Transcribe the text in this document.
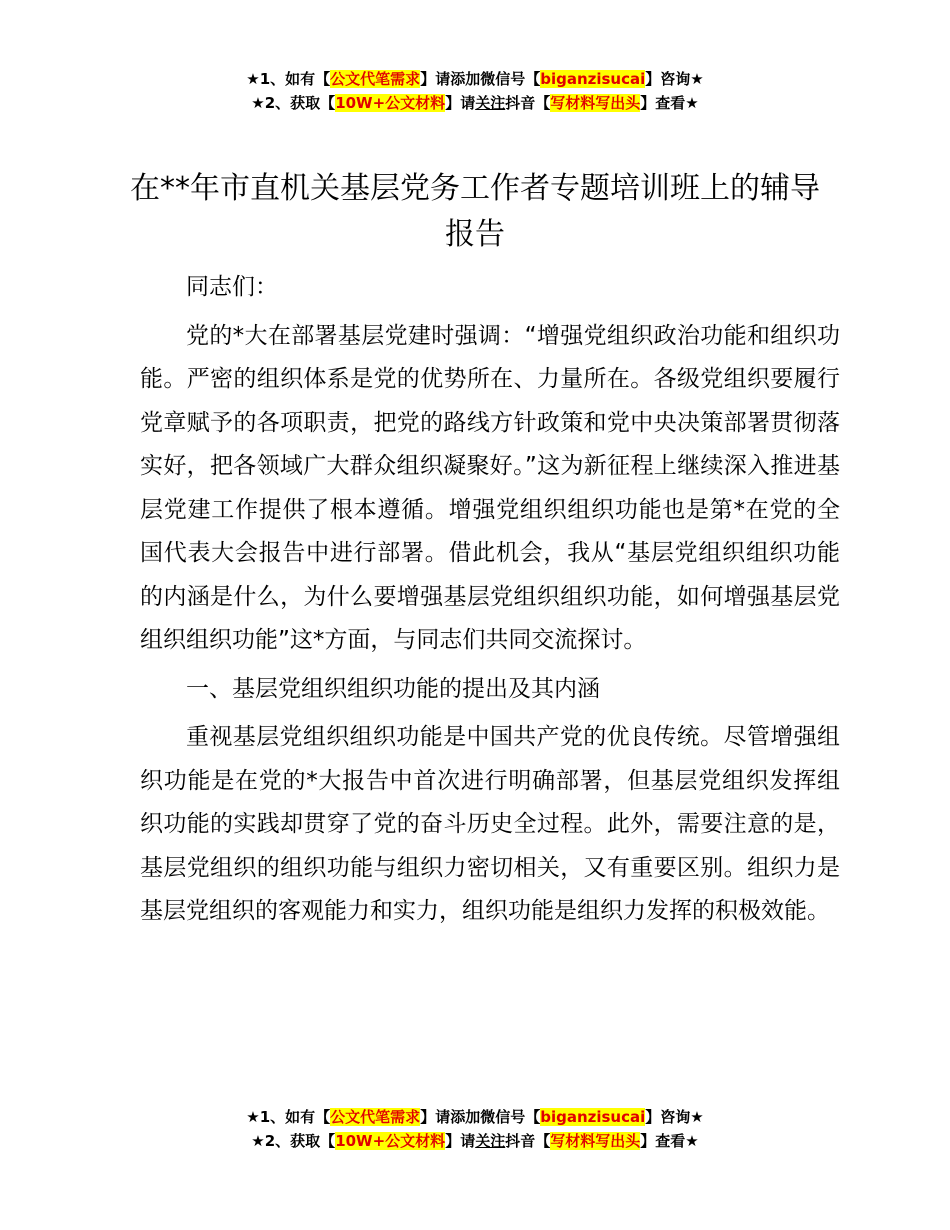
★1、如有【公文代笔需求】请添加微信号【biganzisucai】咨询★
★2、获取【10W+公文材料】请关注抖音【写材料写出头】查看★
在**年市直机关基层党务工作者专题培训班上的辅导报告

同志们：

党的*大在部署基层党建时强调：“增强党组织政治功能和组织功能。严密的组织体系是党的优势所在、力量所在。各级党组织要履行党章赋予的各项职责，把党的路线方针政策和党中央决策部署贯彻落实好，把各领域广大群众组织凝聚好。”这为新征程上继续深入推进基层党建工作提供了根本遵循。增强党组织组织功能也是第*在党的全国代表大会报告中进行部署。借此机会，我从“基层党组织组织功能的内涵是什么，为什么要增强基层党组织组织功能，如何增强基层党组织组织功能”这*方面，与同志们共同交流探讨。

一、基层党组织组织功能的提出及其内涵

重视基层党组织组织功能是中国共产党的优良传统。尽管增强组织功能是在党的*大报告中首次进行明确部署，但基层党组织发挥组织功能的实践却贯穿了党的奋斗历史全过程。此外，需要注意的是，基层党组织的组织功能与组织力密切相关，又有重要区别。组织力是基层党组织的客观能力和实力，组织功能是组织力发挥的积极效能。

★1、如有【公文代笔需求】请添加微信号【biganzisucai】咨询★
★2、获取【10W+公文材料】请关注抖音【写材料写出头】查看★
